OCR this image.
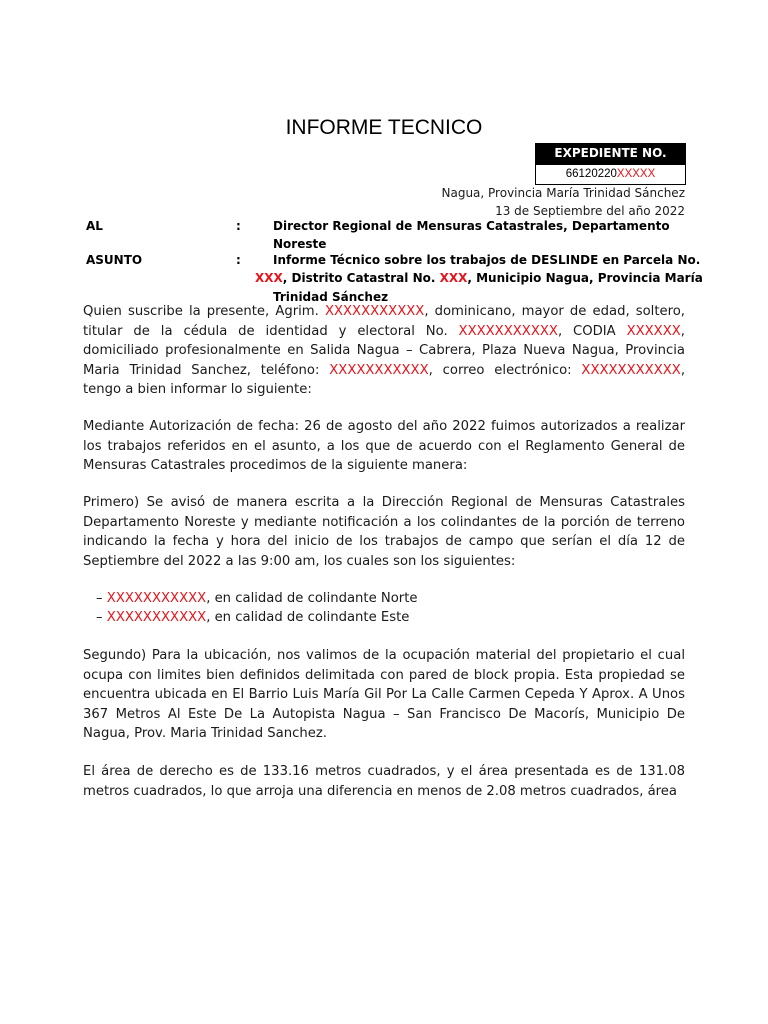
INFORME TECNICO
EXPEDIENTE NO.
66120220XXXXX
Nagua, Provincia María Trinidad Sánchez
13 de Septiembre del año 2022
AL	:	Director Regional de Mensuras Catastrales, Departamento
Noreste
ASUNTO	:	Informe Técnico sobre los trabajos de DESLINDE en Parcela No.
XXX, Distrito Catastral No. XXX, Municipio Nagua, Provincia María
Trinidad Sánchez
Quien suscribe la presente, Agrim. XXXXXXXXXXX, dominicano, mayor de edad, soltero, titular de la cédula de identidad y electoral No. XXXXXXXXXXX, CODIA XXXXXX, domiciliado profesionalmente en Salida Nagua – Cabrera, Plaza Nueva Nagua, Provincia Maria Trinidad Sanchez, teléfono: XXXXXXXXXXX, correo electrónico: XXXXXXXXXXX, tengo a bien informar lo siguiente:
Mediante Autorización de fecha: 26 de agosto del año 2022 fuimos autorizados a realizar los trabajos referidos en el asunto, a los que de acuerdo con el Reglamento General de Mensuras Catastrales procedimos de la siguiente manera:
Primero) Se avisó de manera escrita a la Dirección Regional de Mensuras Catastrales Departamento Noreste y mediante notificación a los colindantes de la porción de terreno indicando la fecha y hora del inicio de los trabajos de campo que serían el día 12 de Septiembre del 2022 a las 9:00 am, los cuales son los siguientes:
– XXXXXXXXXXX, en calidad de colindante Norte
– XXXXXXXXXXX, en calidad de colindante Este
Segundo) Para la ubicación, nos valimos de la ocupación material del propietario el cual ocupa con limites bien definidos delimitada con pared de block propia. Esta propiedad se encuentra ubicada en El Barrio Luis María Gil Por La Calle Carmen Cepeda Y Aprox. A Unos 367 Metros Al Este De La Autopista Nagua – San Francisco De Macorís, Municipio De Nagua, Prov. Maria Trinidad Sanchez.
El área de derecho es de 133.16 metros cuadrados, y el área presentada es de 131.08 metros cuadrados, lo que arroja una diferencia en menos de 2.08 metros cuadrados, área
